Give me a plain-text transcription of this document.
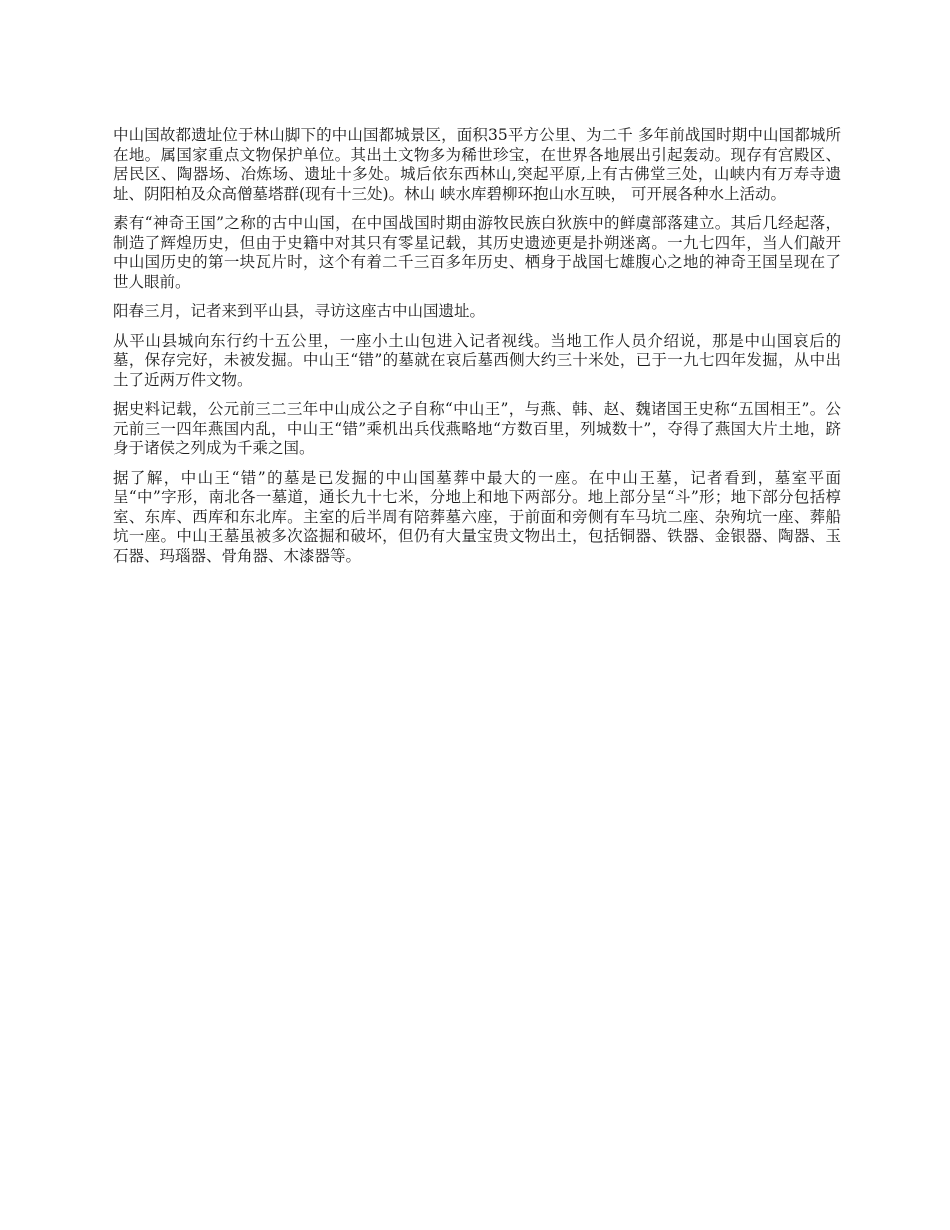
中山国故都遗址位于林山脚下的中山国都城景区，面积35平方公里、为二千 多年前战国时期中山国都城所在地。属国家重点文物保护单位。其出土文物多为稀世珍宝，在世界各地展出引起轰动。现存有宫殿区、居民区、陶器场、冶炼场、遗址十多处。城后依东西林山,突起平原,上有古佛堂三处，山峡内有万寿寺遗址、阴阳柏及众高僧墓塔群(现有十三处)。林山 峡水库碧柳环抱山水互映， 可开展各种水上活动。

素有“神奇王国”之称的古中山国，在中国战国时期由游牧民族白狄族中的鲜虞部落建立。其后几经起落，制造了辉煌历史，但由于史籍中对其只有零星记载，其历史遗迹更是扑朔迷离。一九七四年，当人们敲开中山国历史的第一块瓦片时，这个有着二千三百多年历史、栖身于战国七雄腹心之地的神奇王国呈现在了世人眼前。

阳春三月，记者来到平山县，寻访这座古中山国遗址。

从平山县城向东行约十五公里，一座小土山包进入记者视线。当地工作人员介绍说，那是中山国哀后的墓，保存完好，未被发掘。中山王“错”的墓就在哀后墓西侧大约三十米处，已于一九七四年发掘，从中出土了近两万件文物。

据史料记载，公元前三二三年中山成公之子自称“中山王”，与燕、韩、赵、魏诸国王史称“五国相王”。公元前三一四年燕国内乱，中山王“错”乘机出兵伐燕略地“方数百里，列城数十”，夺得了燕国大片土地，跻身于诸侯之列成为千乘之国。

据了解，中山王“错”的墓是已发掘的中山国墓葬中最大的一座。在中山王墓，记者看到，墓室平面呈“中”字形，南北各一墓道，通长九十七米，分地上和地下两部分。地上部分呈“斗”形；地下部分包括椁室、东库、西库和东北库。主室的后半周有陪葬墓六座，于前面和旁侧有车马坑二座、杂殉坑一座、葬船坑一座。中山王墓虽被多次盗掘和破坏，但仍有大量宝贵文物出土，包括铜器、铁器、金银器、陶器、玉石器、玛瑙器、骨角器、木漆器等。
